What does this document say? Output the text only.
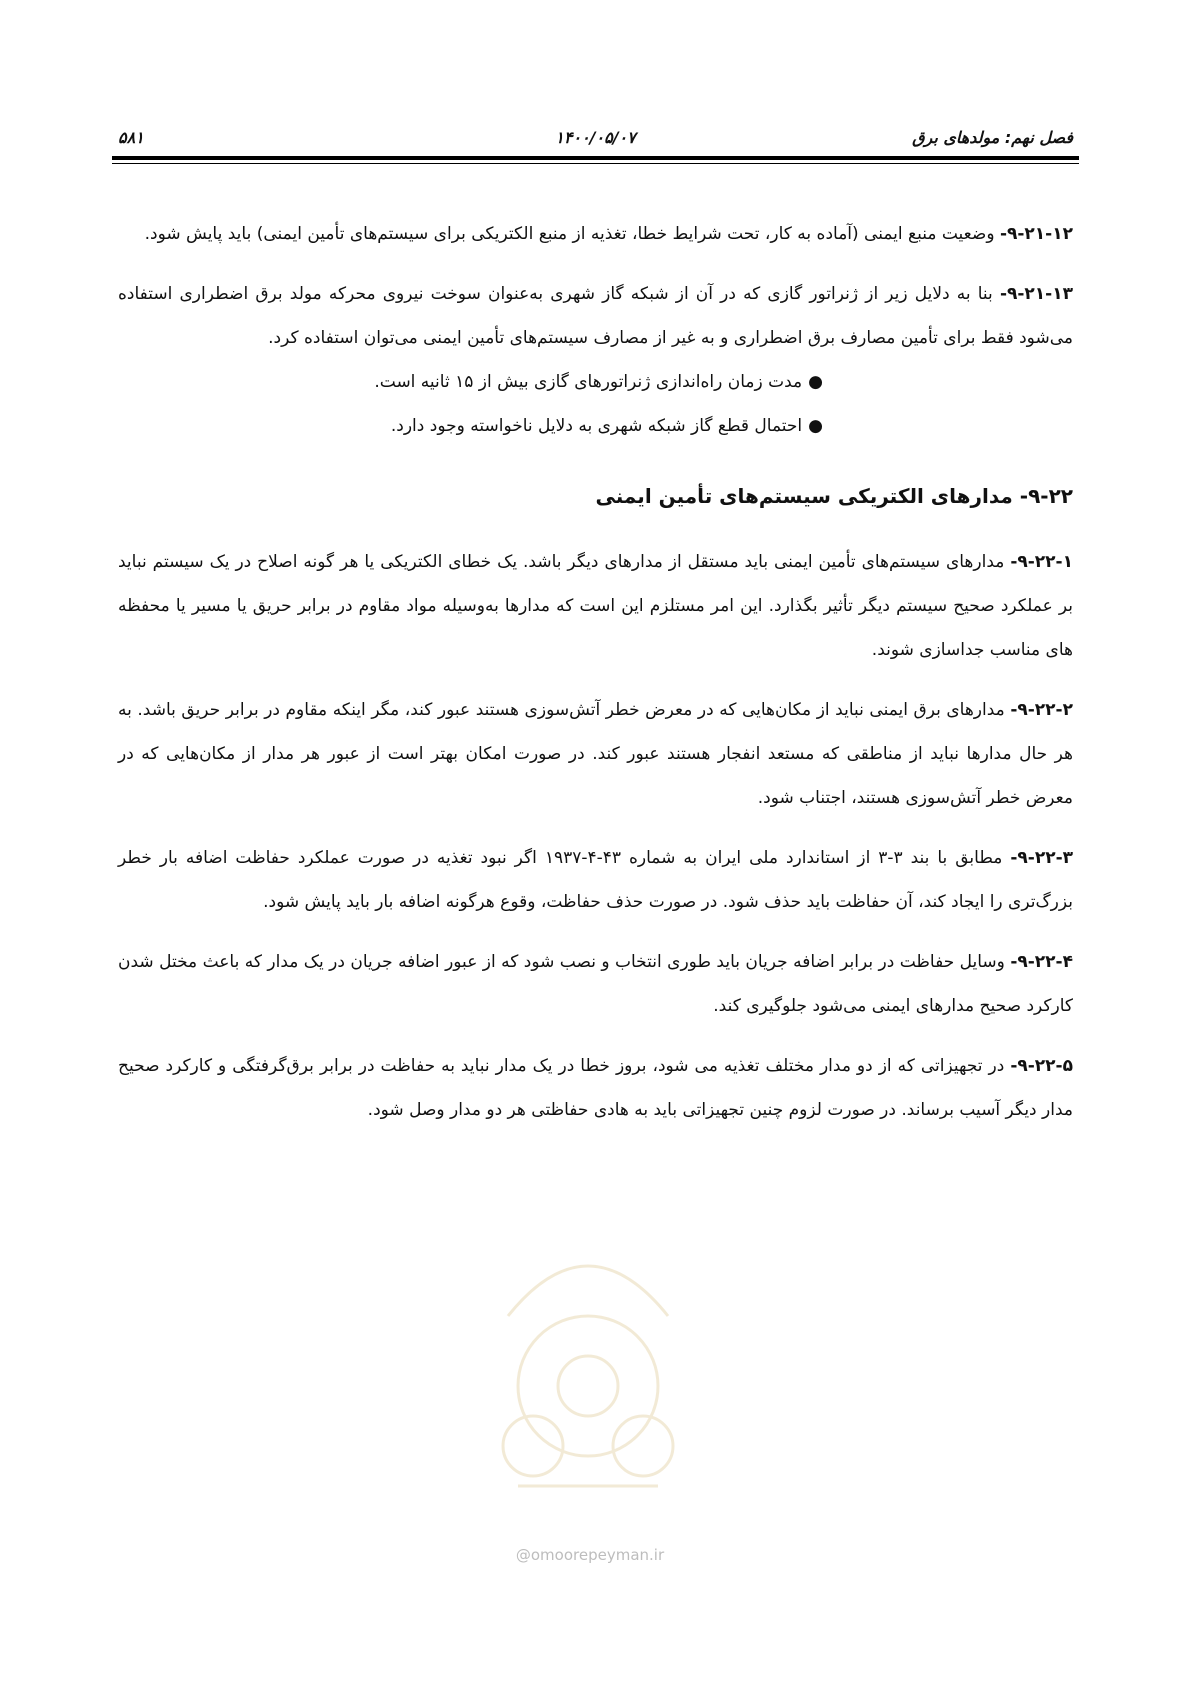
فصل نهم: مولدهای برق
۱۴۰۰/۰۵/۰۷
۵۸۱

۹-۲۱-۱۲- وضعیت منبع ایمنی (آماده به کار، تحت شرایط خطا، تغذیه از منبع الکتریکی برای سیستم‌های تأمین ایمنی) باید پایش شود.

۹-۲۱-۱۳- بنا به دلایل زیر از ژنراتور گازی که در آن از شبکه گاز شهری به‌عنوان سوخت نیروی محرکه مولد برق اضطراری استفاده می‌شود فقط برای تأمین مصارف برق اضطراری و به غیر از مصارف سیستم‌های تأمین ایمنی می‌توان استفاده کرد.

●مدت زمان راه‌اندازی ژنراتورهای گازی بیش از ۱۵ ثانیه است.
●احتمال قطع گاز شبکه شهری به دلایل ناخواسته وجود دارد.
۹-۲۲- مدارهای الکتریکی سیستم‌های تأمین ایمنی

۹-۲۲-۱- مدارهای سیستم‌های تأمین ایمنی باید مستقل از مدارهای دیگر باشد. یک خطای الکتریکی یا هر گونه اصلاح در یک سیستم نباید بر عملکرد صحیح سیستم دیگر تأثیر بگذارد. این امر مستلزم این است که مدارها به‌وسیله مواد مقاوم در برابر حریق یا مسیر یا محفظه های مناسب جداسازی شوند.

۹-۲۲-۲- مدارهای برق ایمنی نباید از مکان‌هایی که در معرض خطر آتش‌سوزی هستند عبور کند، مگر اینکه مقاوم در برابر حریق باشد. به هر حال مدارها نباید از مناطقی که مستعد انفجار هستند عبور کند. در صورت امکان بهتر است از عبور هر مدار از مکان‌هایی که در معرض خطر آتش‌سوزی هستند، اجتناب شود.

۹-۲۲-۳- مطابق با بند ۳-۳ از استاندارد ملی ایران به شماره ۴۳-۴-۱۹۳۷ اگر نبود تغذیه در صورت عملکرد حفاظت اضافه بار خطر بزرگ‌تری را ایجاد کند، آن حفاظت باید حذف شود. در صورت حذف حفاظت، وقوع هرگونه اضافه بار باید پایش شود.

۹-۲۲-۴- وسایل حفاظت در برابر اضافه جریان باید طوری انتخاب و نصب شود که از عبور اضافه جریان در یک مدار که باعث مختل شدن کارکرد صحیح مدارهای ایمنی می‌شود جلوگیری کند.

۹-۲۲-۵- در تجهیزاتی که از دو مدار مختلف تغذیه می شود، بروز خطا در یک مدار نباید به حفاظت در برابر برق‌گرفتگی و کارکرد صحیح مدار دیگر آسیب برساند. در صورت لزوم چنین تجهیزاتی باید به هادی حفاظتی هر دو مدار وصل شود.

@omoorepeyman.ir
